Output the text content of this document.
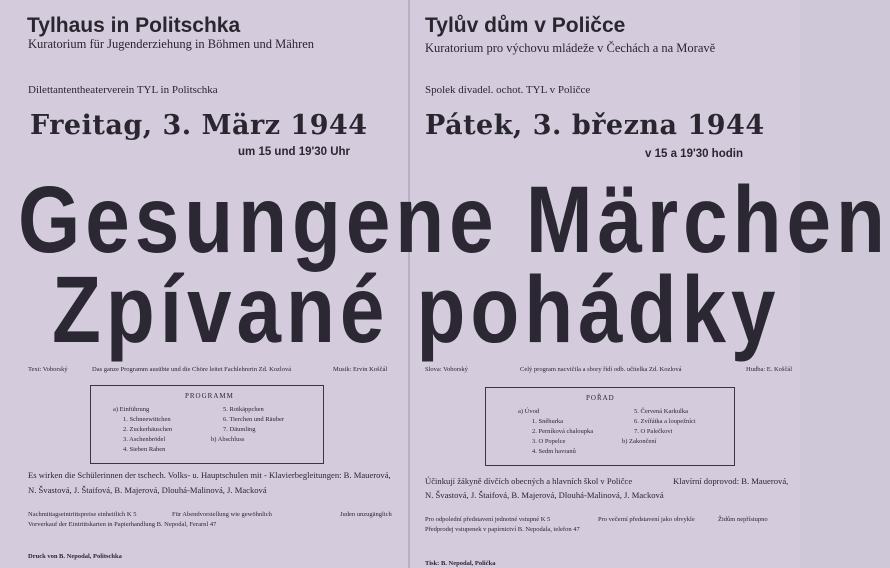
Tylhaus in Politschka
Kuratorium für Jugenderziehung in Böhmen und Mähren
Dilettantentheaterverein TYL in Politschka
Freitag, 3. März 1944
um 15 und 19'30 Uhr
Tylův dům v Poličce
Kuratorium pro výchovu mládeže v Čechách a na Moravě
Spolek divadel. ochot. TYL v Poličce
Pátek, 3. března 1944
v 15 a 19'30 hodin
Gesungene Märchen
Zpívané pohádky
Text: Voborský	Das ganze Programm ausübte und die Chöre leitet Fachlehrerin Zd. Kozlová	Musik: Ervin Koščál	Slova: Voborský	Celý program nacvičila a sbory řídí odb. učitelka Zd. Kozlová	Hudba: E. Koščál
PROGRAMM
a) Einführung
1. Schneewittchen
2. Zuckerhäuschen
3. Aschenbrödel
4. Sieben Raben
5. Rotkäppchen
6. Tierchen und Räuber
7. Däumling
b) Abschluss
POŘAD
a) Úvod
1. Sněhurka
2. Perníková chaloupka
3. O Popelce
4. Sedm havranů
5. Červená Karkulka
6. Zvířátka a loupežníci
7. O Palečkovi
b) Zakončení
Es wirken die Schülerinnen der tschech. Volks- u. Hauptschulen mit - Klavierbegleitungen: B. Mauerová,
N. Švastová, J. Štaifová, B. Majerová, Dlouhá-Malinová, J. Macková
Účinkují žákyně dívčích obecných a hlavních škol v Poličce	Klavírní doprovod: B. Mauerová,
N. Švastová, J. Štaifová, B. Majerová, Dlouhá-Malinová, J. Macková
Nachmittagseintrittspreise einheitlich K 5	Für Abendvorstellung wie gewöhnlich	Juden unzugänglich
Vorverkauf der Eintrittskarten in Papierhandlung B. Nepodal, Ferarnl 47
Druck von B. Nepodal, Politschka
Pro odpolední představení jednotné vstupné K 5	Pro večerní představení jako obvykle	Židům nepřístupno
Předprodej vstupenek v papírnictví B. Nepodala, telefon 47
Tisk: B. Nepodal, Polička
